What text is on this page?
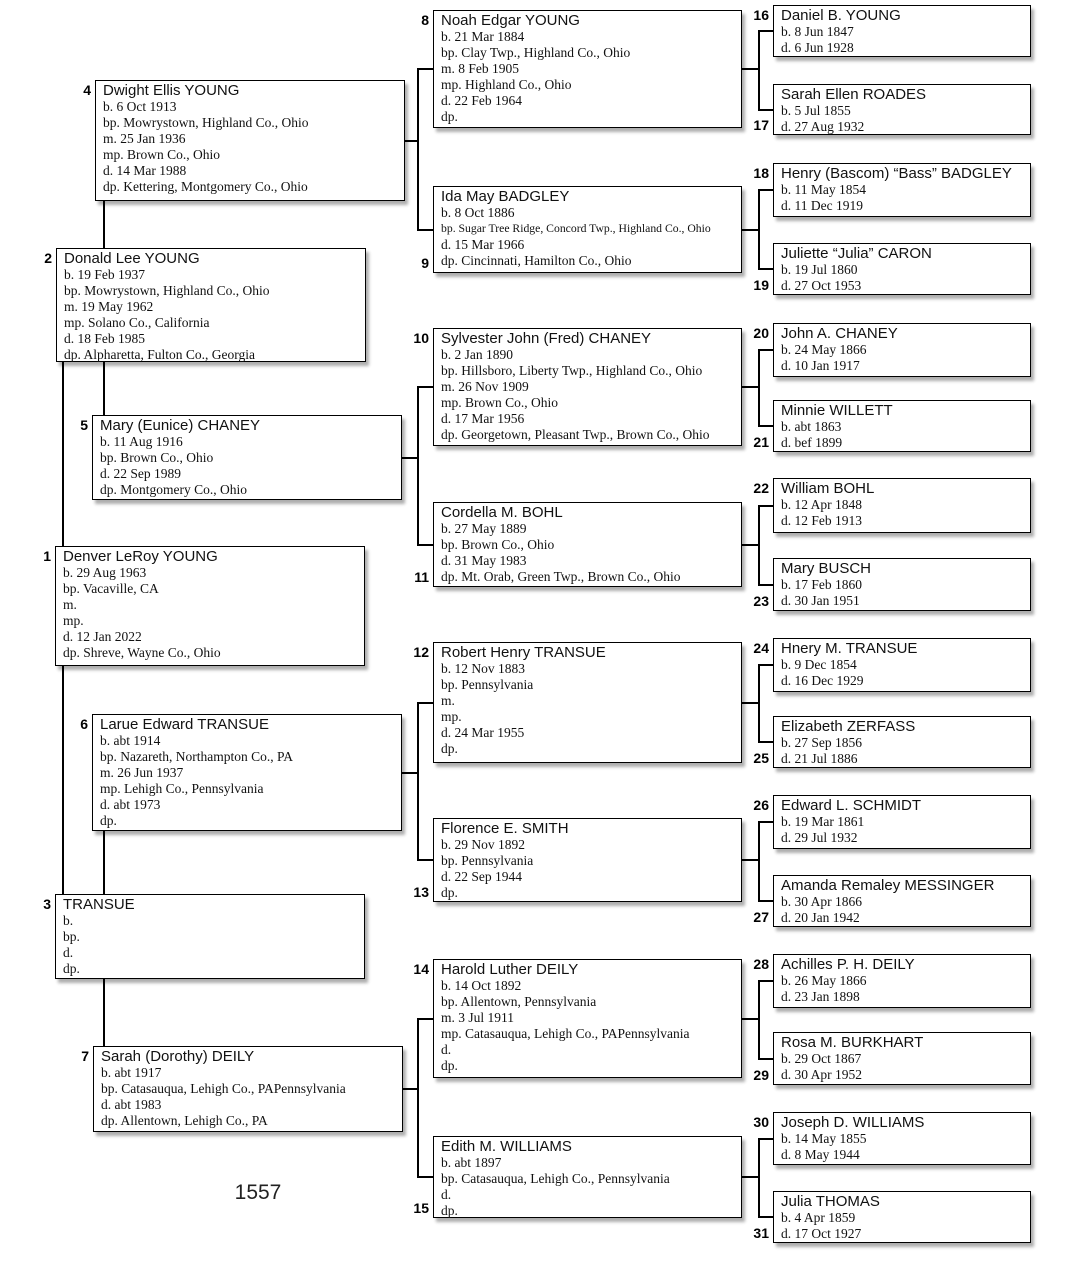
1557
1 Denver LeRoy YOUNG
b. 29 Aug 1963
bp. Vacaville, CA
m.
mp.
d. 12 Jan 2022
dp. Shreve, Wayne Co., Ohio
2 Donald Lee YOUNG
b. 19 Feb 1937
bp. Mowrystown, Highland Co., Ohio
m. 19 May 1962
mp. Solano Co., California
d. 18 Feb 1985
dp. Alpharetta, Fulton Co., Georgia
3 TRANSUE
b.
bp.
d.
dp.
4 Dwight Ellis YOUNG
b. 6 Oct 1913
bp. Mowrystown, Highland Co., Ohio
m. 25 Jan 1936
mp. Brown Co., Ohio
d. 14 Mar 1988
dp. Kettering, Montgomery Co., Ohio
5 Mary (Eunice) CHANEY
b. 11 Aug 1916
bp. Brown Co., Ohio
d. 22 Sep 1989
dp. Montgomery Co., Ohio
6 Larue Edward TRANSUE
b. abt 1914
bp. Nazareth, Northampton Co., PA
m. 26 Jun 1937
mp. Lehigh Co., Pennsylvania
d. abt 1973
dp.
7 Sarah (Dorothy) DEILY
b. abt 1917
bp. Catasauqua, Lehigh Co., PAPennsylvania
d. abt 1983
dp. Allentown, Lehigh Co., PA
8 Noah Edgar YOUNG
b. 21 Mar 1884
bp. Clay Twp., Highland Co., Ohio
m. 8 Feb 1905
mp. Highland Co., Ohio
d. 22 Feb 1964
dp.
9
Ida May BADGLEY
b. 8 Oct 1886
bp. Sugar Tree Ridge, Concord Twp., Highland Co., Ohio
d. 15 Mar 1966
dp. Cincinnati, Hamilton Co., Ohio
10 Sylvester John (Fred) CHANEY
b. 2 Jan 1890
bp. Hillsboro, Liberty Twp., Highland Co., Ohio
m. 26 Nov 1909
mp. Brown Co., Ohio
d. 17 Mar 1956
dp. Georgetown, Pleasant Twp., Brown Co., Ohio
11
Cordella M. BOHL
b. 27 May 1889
bp. Brown Co., Ohio
d. 31 May 1983
dp. Mt. Orab, Green Twp., Brown Co., Ohio
12 Robert Henry TRANSUE
b. 12 Nov 1883
bp. Pennsylvania
m.
mp.
d. 24 Mar 1955
dp.
13
Florence E. SMITH
b. 29 Nov 1892
bp. Pennsylvania
d. 22 Sep 1944
dp.
14 Harold Luther DEILY
b. 14 Oct 1892
bp. Allentown, Pennsylvania
m. 3 Jul 1911
mp. Catasauqua, Lehigh Co., PAPennsylvania
d.
dp.
15
Edith M. WILLIAMS
b. abt 1897
bp. Catasauqua, Lehigh Co., Pennsylvania
d.
dp.
16 Daniel B. YOUNG
b. 8 Jun 1847
d. 6 Jun 1928
17
Sarah Ellen ROADES
b. 5 Jul 1855
d. 27 Aug 1932
18 Henry (Bascom) “Bass” BADGLEY
b. 11 May 1854
d. 11 Dec 1919
19
Juliette “Julia” CARON
b. 19 Jul 1860
d. 27 Oct 1953
20 John A. CHANEY
b. 24 May 1866
d. 10 Jan 1917
21
Minnie WILLETT
b. abt 1863
d. bef 1899
22 William BOHL
b. 12 Apr 1848
d. 12 Feb 1913
23
Mary BUSCH
b. 17 Feb 1860
d. 30 Jan 1951
24 Hnery M. TRANSUE
b. 9 Dec 1854
d. 16 Dec 1929
25
Elizabeth ZERFASS
b. 27 Sep 1856
d. 21 Jul 1886
26 Edward L. SCHMIDT
b. 19 Mar 1861
d. 29 Jul 1932
27
Amanda Remaley MESSINGER
b. 30 Apr 1866
d. 20 Jan 1942
28 Achilles P. H. DEILY
b. 26 May 1866
d. 23 Jan 1898
29
Rosa M. BURKHART
b. 29 Oct 1867
d. 30 Apr 1952
30 Joseph D. WILLIAMS
b. 14 May 1855
d. 8 May 1944
31
Julia THOMAS
b. 4 Apr 1859
d. 17 Oct 1927
